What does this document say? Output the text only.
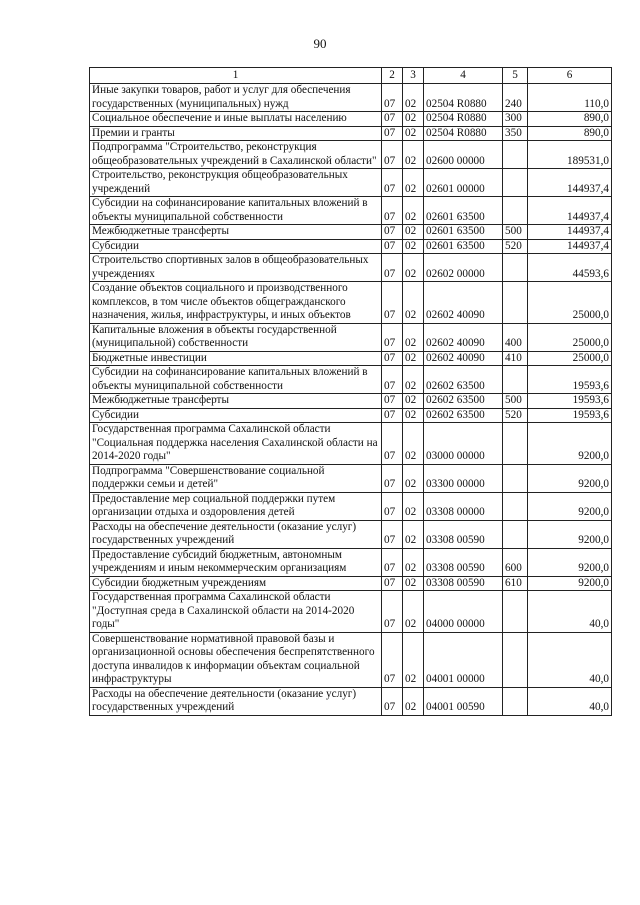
90
1	2	3	4	5	6
Иные закупки товаров, работ и услуг для обеспечения государственных (муниципальных) нужд	07	02	02504 R0880	240	110,0
Социальное обеспечение и иные выплаты населению	07	02	02504 R0880	300	890,0
Премии и гранты	07	02	02504 R0880	350	890,0
Подпрограмма "Строительство, реконструкция общеобразовательных учреждений в Сахалинской области"	07	02	02600 00000		189531,0
Строительство, реконструкция общеобразовательных учреждений	07	02	02601 00000		144937,4
Субсидии на софинансирование капитальных вложений в объекты муниципальной собственности	07	02	02601 63500		144937,4
Межбюджетные трансферты	07	02	02601 63500	500	144937,4
Субсидии	07	02	02601 63500	520	144937,4
Строительство спортивных залов в общеобразовательных учреждениях	07	02	02602 00000		44593,6
Создание объектов социального и производственного комплексов, в том числе объектов общегражданского назначения, жилья, инфраструктуры, и иных объектов	07	02	02602 40090		25000,0
Капитальные вложения в объекты государственной (муниципальной) собственности	07	02	02602 40090	400	25000,0
Бюджетные инвестиции	07	02	02602 40090	410	25000,0
Субсидии на софинансирование капитальных вложений в объекты муниципальной собственности	07	02	02602 63500		19593,6
Межбюджетные трансферты	07	02	02602 63500	500	19593,6
Субсидии	07	02	02602 63500	520	19593,6
Государственная программа Сахалинской области "Социальная поддержка населения Сахалинской области на 2014-2020 годы"	07	02	03000 00000		9200,0
Подпрограмма "Совершенствование социальной поддержки семьи и детей"	07	02	03300 00000		9200,0
Предоставление мер социальной поддержки путем организации отдыха и оздоровления детей	07	02	03308 00000		9200,0
Расходы на обеспечение деятельности (оказание услуг) государственных учреждений	07	02	03308 00590		9200,0
Предоставление субсидий бюджетным, автономным учреждениям и иным некоммерческим организациям	07	02	03308 00590	600	9200,0
Субсидии бюджетным учреждениям	07	02	03308 00590	610	9200,0
Государственная программа Сахалинской области "Доступная среда в Сахалинской области на 2014-2020 годы"	07	02	04000 00000		40,0
Совершенствование нормативной правовой базы и организационной основы обеспечения беспрепятственного доступа инвалидов к информации объектам социальной инфраструктуры	07	02	04001 00000		40,0
Расходы на обеспечение деятельности (оказание услуг) государственных учреждений	07	02	04001 00590		40,0
